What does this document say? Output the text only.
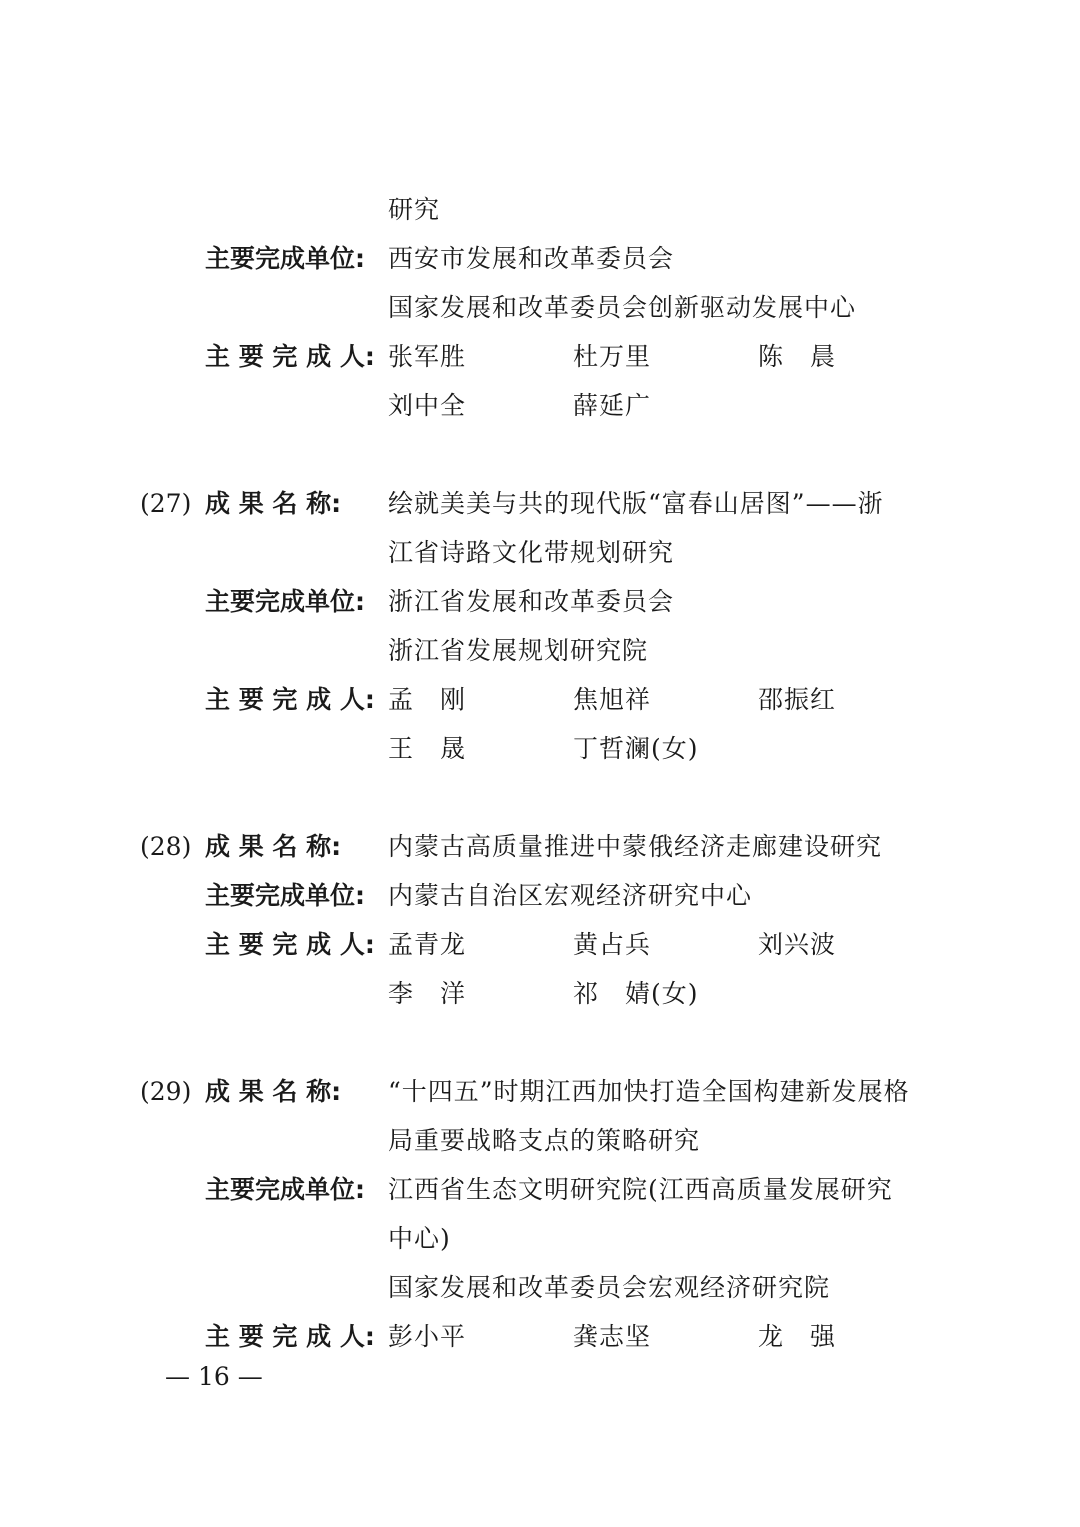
研究
主要完成单位: 西安市发展和改革委员会
国家发展和改革委员会创新驱动发展中心
主 要 完 成 人: 张军胜	杜万里	陈　晨
刘中全	薛延广
(27) 成 果 名 称: 绘就美美与共的现代版“富春山居图”——浙
江省诗路文化带规划研究
主要完成单位: 浙江省发展和改革委员会
浙江省发展规划研究院
主 要 完 成 人: 孟　刚	焦旭祥	邵振红
王　晟	丁哲澜(女)
(28) 成 果 名 称: 内蒙古高质量推进中蒙俄经济走廊建设研究
主要完成单位: 内蒙古自治区宏观经济研究中心
主 要 完 成 人: 孟青龙	黄占兵	刘兴波
李　洋	祁　婧(女)
(29) 成 果 名 称: “十四五”时期江西加快打造全国构建新发展格
局重要战略支点的策略研究
主要完成单位: 江西省生态文明研究院(江西高质量发展研究
中心)
国家发展和改革委员会宏观经济研究院
主 要 完 成 人: 彭小平	龚志坚	龙　强
— 16 —
